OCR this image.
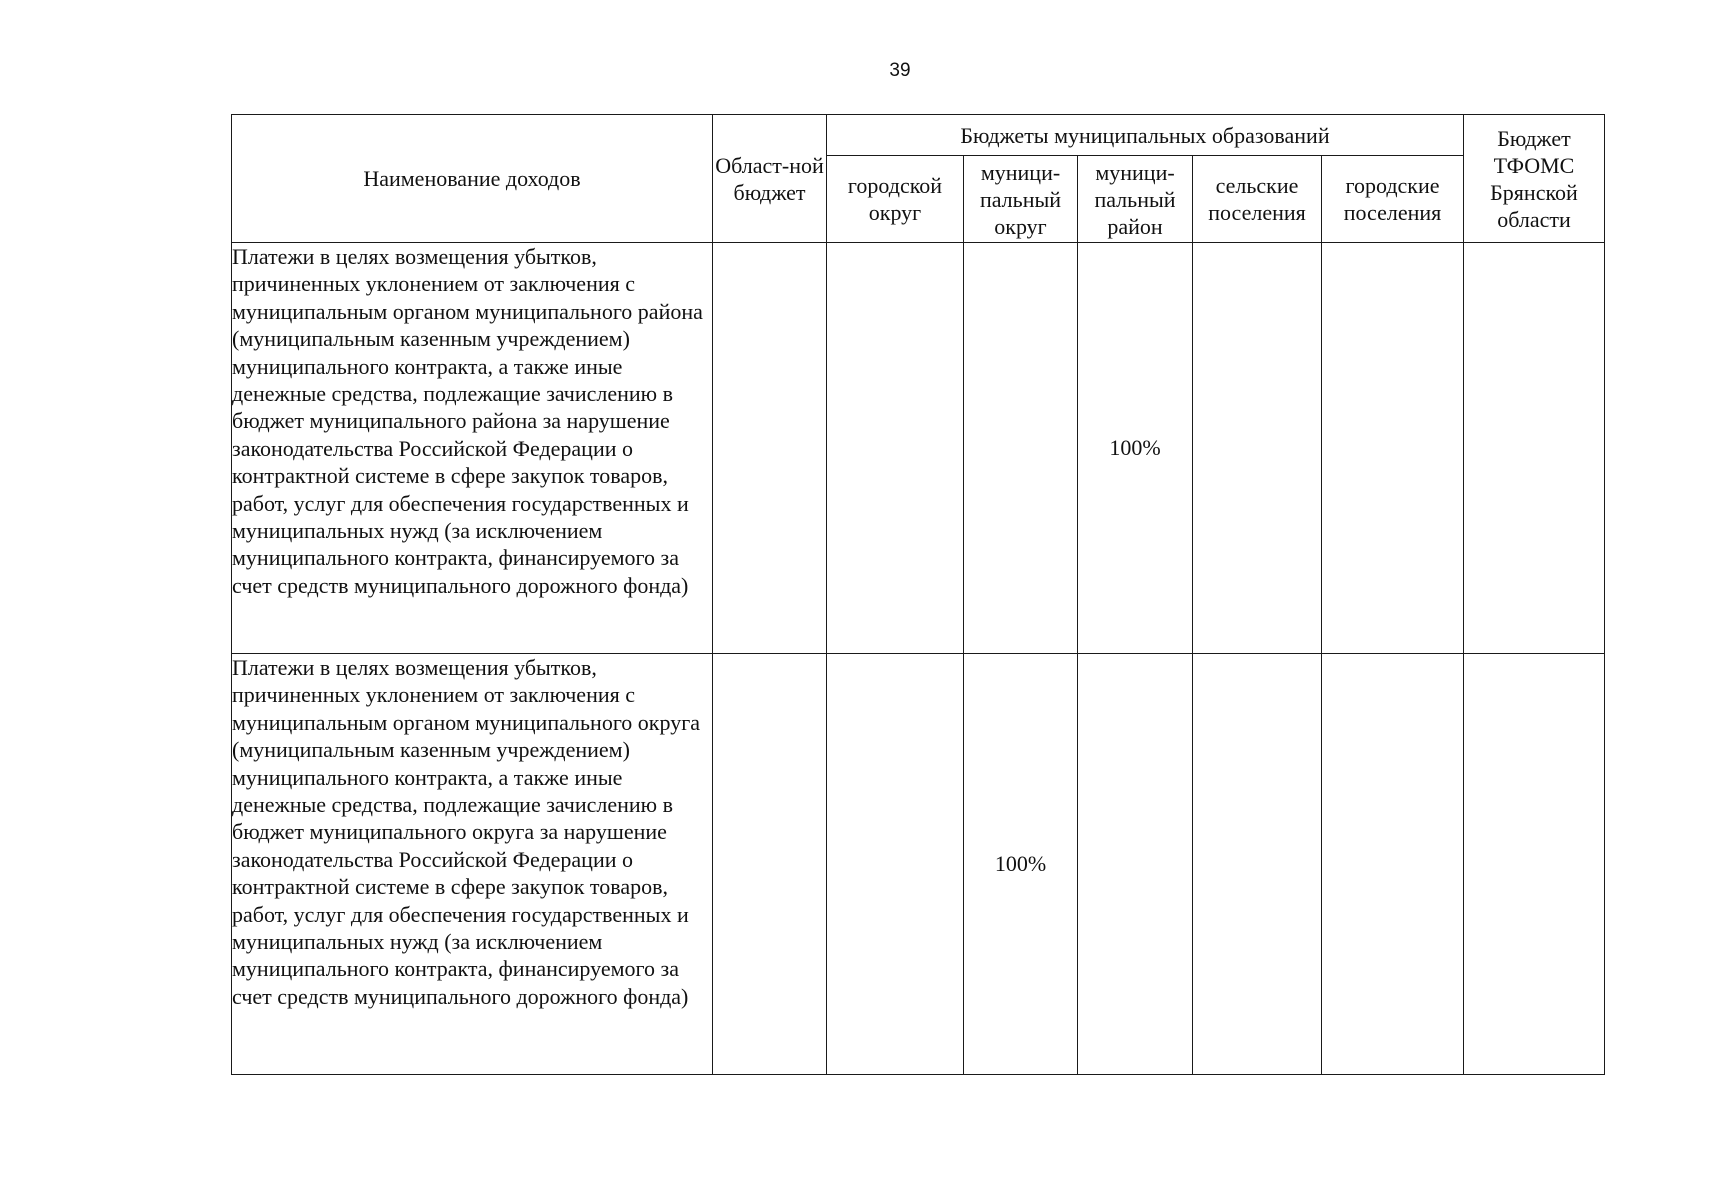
39
Наименование доходов	Област-ной бюджет	Бюджеты муниципальных образований					Бюджет ТФОМС Брянской области
		городской округ	муници-пальный округ	муници-пальный район	сельские поселения	городские поселения	
Платежи в целях возмещения убытков, причиненных уклонением от заключения с муниципальным органом муниципального района (муниципальным казенным учреждением) муниципального контракта, а также иные денежные средства, подлежащие зачислению в бюджет муниципального района за нарушение законодательства Российской Федерации о контрактной системе в сфере закупок товаров, работ, услуг для обеспечения государственных и муниципальных нужд (за исключением муниципального контракта, финансируемого за счет средств муниципального дорожного фонда)				100%			
Платежи в целях возмещения убытков, причиненных уклонением от заключения с муниципальным органом муниципального округа (муниципальным казенным учреждением) муниципального контракта, а также иные денежные средства, подлежащие зачислению в бюджет муниципального округа за нарушение законодательства Российской Федерации о контрактной системе в сфере закупок товаров, работ, услуг для обеспечения государственных и муниципальных нужд (за исключением муниципального контракта, финансируемого за счет средств муниципального дорожного фонда)			100%				
